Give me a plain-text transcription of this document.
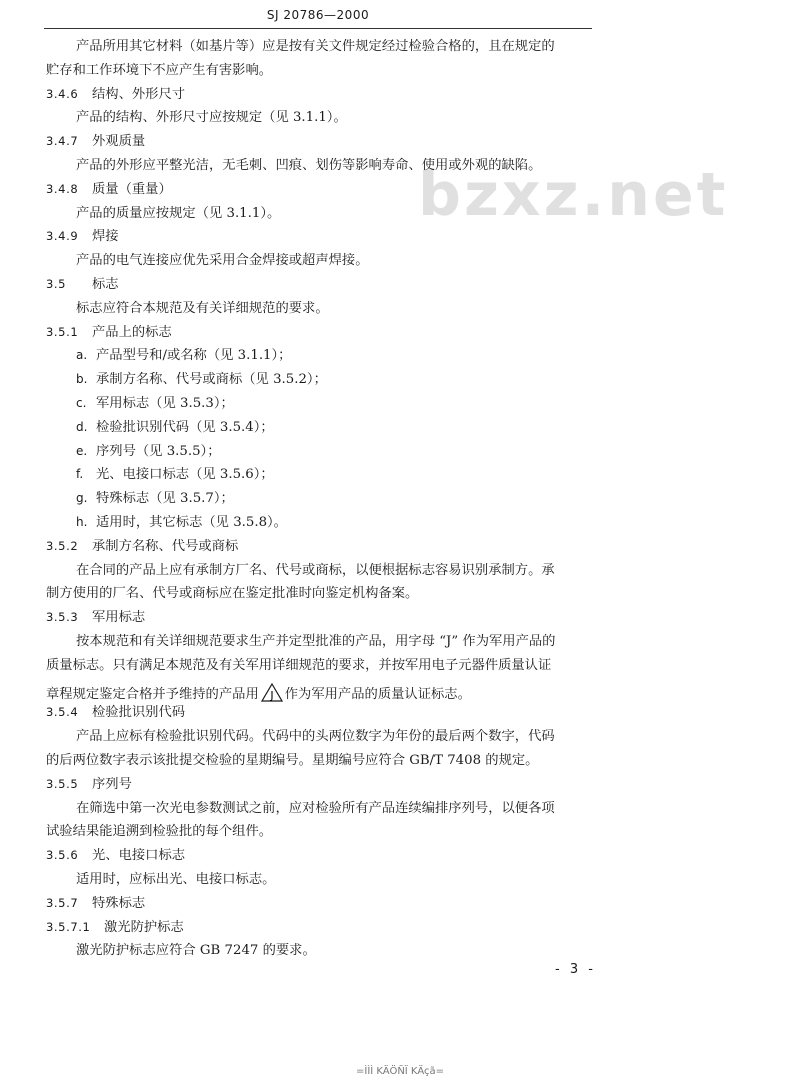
SJ 20786—2000
bzxz.net
产品所用其它材料（如基片等）应是按有关文件规定经过检验合格的，且在规定的
贮存和工作环境下不应产生有害影响。
3.4.6 结构、外形尺寸
产品的结构、外形尺寸应按规定（见 3.1.1）。
3.4.7 外观质量
产品的外形应平整光洁，无毛刺、凹痕、划伤等影响寿命、使用或外观的缺陷。
3.4.8 质量（重量）
产品的质量应按规定（见 3.1.1）。
3.4.9 焊接
产品的电气连接应优先采用合金焊接或超声焊接。
3.5 标志
标志应符合本规范及有关详细规范的要求。
3.5.1 产品上的标志
a. 产品型号和/或名称（见 3.1.1）；
b. 承制方名称、代号或商标（见 3.5.2）；
c. 军用标志（见 3.5.3）；
d. 检验批识别代码（见 3.5.4）；
e. 序列号（见 3.5.5）；
f. 光、电接口标志（见 3.5.6）；
g. 特殊标志（见 3.5.7）；
h. 适用时，其它标志（见 3.5.8）。
3.5.2 承制方名称、代号或商标
在合同的产品上应有承制方厂名、代号或商标，以便根据标志容易识别承制方。承
制方使用的厂名、代号或商标应在鉴定批准时向鉴定机构备案。
3.5.3 军用标志
按本规范和有关详细规范要求生产并定型批准的产品，用字母 “J” 作为军用产品的
质量标志。只有满足本规范及有关军用详细规范的要求，并按军用电子元器件质量认证
章程规定鉴定合格并予维持的产品用 J 作为军用产品的质量认证标志。
3.5.4 检验批识别代码
产品上应标有检验批识别代码。代码中的头两位数字为年份的最后两个数字，代码
的后两位数字表示该批提交检验的星期编号。星期编号应符合 GB/T 7408 的规定。
3.5.5 序列号
在筛选中第一次光电参数测试之前，应对检验所有产品连续编排序列号，以便各项
试验结果能追溯到检验批的每个组件。
3.5.6 光、电接口标志
适用时，应标出光、电接口标志。
3.5.7 特殊标志
3.5.7.1 激光防护标志
激光防护标志应符合 GB 7247 的要求。
- 3 -
=ÌÌÌ KÄÖÑÏ KÄçã=
